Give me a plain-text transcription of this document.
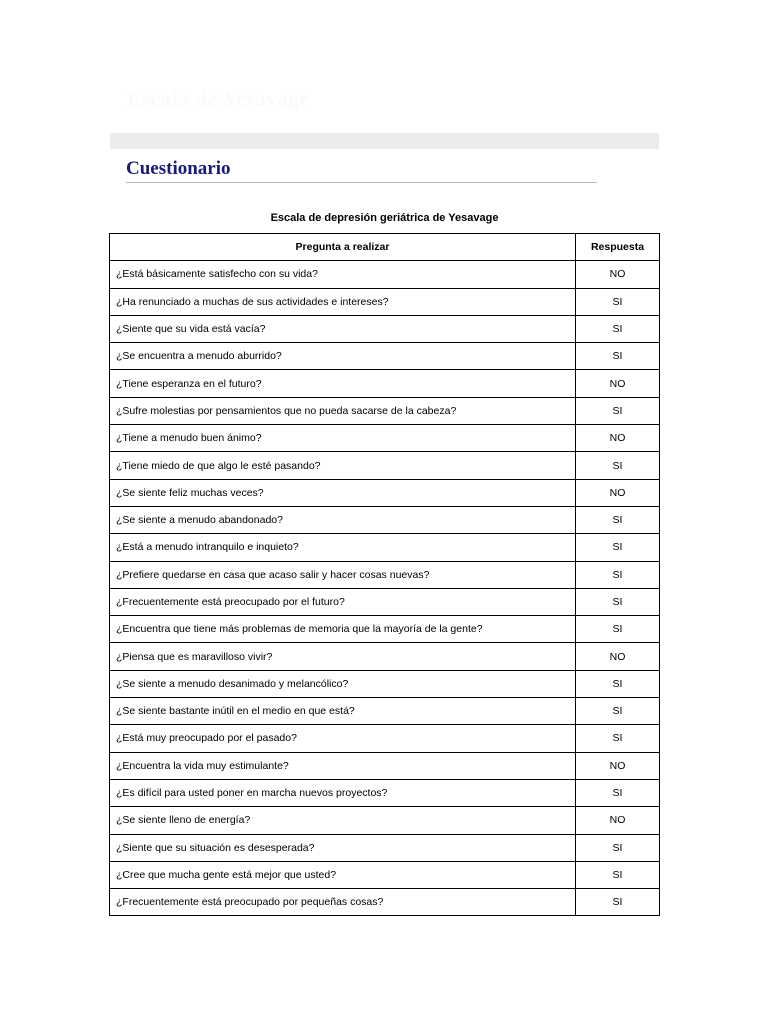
Escala de Yesavage
Cuestionario

Escala de depresión geriátrica de Yesavage

Pregunta a realizar	Respuesta
¿Está básicamente satisfecho con su vida?	NO
¿Ha renunciado a muchas de sus actividades e intereses?	SI
¿Siente que su vida está vacía?	SI
¿Se encuentra a menudo aburrido?	SI
¿Tiene esperanza en el futuro?	NO
¿Sufre molestias por pensamientos que no pueda sacarse de la cabeza?	SI
¿Tiene a menudo buen ánimo?	NO
¿Tiene miedo de que algo le esté pasando?	SI
¿Se siente feliz muchas veces?	NO
¿Se siente a menudo abandonado?	SI
¿Está a menudo intranquilo e inquieto?	SI
¿Prefiere quedarse en casa que acaso salir y hacer cosas nuevas?	SI
¿Frecuentemente está preocupado por el futuro?	SI
¿Encuentra que tiene más problemas de memoria que la mayoría de la gente?	SI
¿Piensa que es maravilloso vivir?	NO
¿Se siente a menudo desanimado y melancólico?	SI
¿Se siente bastante inútil en el medio en que está?	SI
¿Está muy preocupado por el pasado?	SI
¿Encuentra la vida muy estimulante?	NO
¿Es difícil para usted poner en marcha nuevos proyectos?	SI
¿Se siente lleno de energía?	NO
¿Siente que su situación es desesperada?	SI
¿Cree que mucha gente está mejor que usted?	SI
¿Frecuentemente está preocupado por pequeñas cosas?	SI
